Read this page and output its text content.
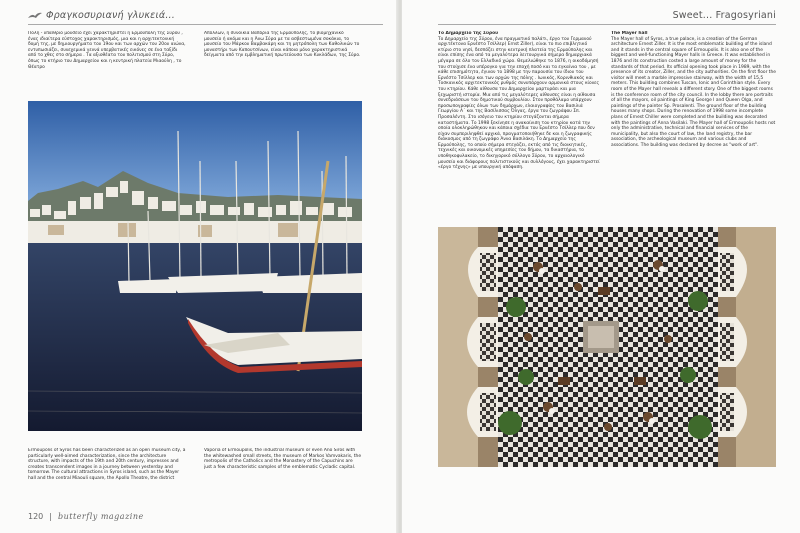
Φραγκοσυριανή γλυκειά...
Πολη - υπαίθριο μουσείο έχει χαρακτηριστεί η Ερμούπολη της Σύρου , ένας ιδιαίτερα εύστοχος χαρακτηρισμός, μια και η αρχιτεκτονική δομή της, με δημιουργήματα του 19ου και των αρχών του 20ου αιώνα, εντυπωσιάζει, συνεχεμικά γεννά υπερβατικές εικόνες σε ένα ταξίδι από το χθες στο σήμερα . Τα αξιοθέατα του πολιτισμού στη Σύρο, όπως το κτήριο του Δημαρχείου και η κεντρική πλατεία Μιαούλη , το Θέατρο
Απόλλων, η συνοικία Βαπόρια της Ερμούπολης, το βιομηχανικό μουσείο ή ακόμα και η Άνω Σύρα με τα ασβεστωμένα σοκάκια, το μουσείο του Μάρκου Βαμβακάρη και τη μητρόπολη των Καθολικών το μοναστήρι των Καπουτσίνων, είναι κάποια μόνο χαρακτηριστικά δείγματα από την εμβληματική πρωτεύουσα των Κυκλάδων, της Σύρο.
Ermoupolis of Syros has been characterized as an open museum city, a particularly well-aimed characterization, since the architecture structure, with impacts of the 19th and 20th century, impresses and creates transcendent images in a journey between yesterday and tomorrow. The cultural attractions in Syros island, such as the Mayer hall and the central Miaouli square, the Apollo Theatre, the district
Vaporia of Ermoupolis, the industrial museum or even Ano Siros with the whitewashed small streets, the museum of Markos Vamvakaris, the metropolis of the Catholics and the Monastery of the Capuchins are just a few characteristic samples of the emblematic Cycladic capital.
120 | butterfly magazine
Sweet... Fragosyriani
Το Δημαρχείο της Σύρου
Το Δημαρχείο της Σύρου, ένα πραγματικό παλάτι, έργο του Γερμανού αρχιτέκτονα Ερνέστο Τσίλλερ( Ernst Ziller), είναι το πιο επιβλητικό κτίριο στο νησί, δεσπόζει στην κεντρική πλατεία της Ερμούπολης και είναι επίσης ένα από τα μεγαλύτερα λειτουργικά σήμερα δημαρχιακά μέγαρα σε όλο τον Ελλαδικό χώρο. Θεμελιώθηκε το 1876, η οικοδόμησή του στοίχισε ένα υπέρογκο για την εποχή ποσό και τα εγκαίνια του , με κάθε επισημότητα, έγιναν το 1898 με την παρουσία του ίδιου του Ερνέστο Τσίλλερ και των αρχών της πόλης . Ιωνικός, Κορινθιακός και Τοσκανικός αρχιτεκτονικός ρυθμός συνυπάρχουν αρμονικά στους κίονες του κτηρίου. Κάθε αίθουσα του Δημαρχείου μαρτυράει και μια ξεχωριστή ιστορία. Μια από τις μεγαλύτερες αίθουσες είναι η αίθουσα συνεδριάσεων του δημοτικού συμβουλίου. Στον προθάλαμο υπάρχουν προσωπογραφίες όλων των δημάρχων, ελαιογραφίες του Βασιλιά Γεωργίου Α΄ και της Βασίλισσας Όλγας, έργα του ζωγράφου Σπ. Προσαλέντη. Στο ισόγειο του κτηρίου στεγάζονται σήμερα καταστήματα. Το 1998 ξεκίνησε η ανακαίνιση του κτηρίου κατά την οποία ολοκληρώθηκαν και κάποια σχέδια του Ερνέστο Τσίλλερ που δεν είχαν συμπεριληφθεί αρχικά, πραγματοποιήθηκε δε και η ζωγραφικής διάκοσμος από τη ζωγράφο Άννα Βασιλάκη. Το Δημαρχείο της Ερμούπολης, το οποίο σήμερα στεγάζει, εκτός από τις διοικητικές, τεχνικές και οικονομικές υπηρεσίες του δήμου, τα δικαστήρια, το υποθηκοφυλακείο, το δικηγορικό σύλλογο Σύρου, το αρχαιολογικό μουσείο και διάφορους πολιτιστικούς και συλλόγους, έχει χαρακτηριστεί «έργο τέχνης» με υπουργική απόφαση.
The Mayer hall
The Mayer hall of Syros, a true palace, is a creation of the German architecture Ernest Ziller. It is the most emblematic building of the island and it stands in the central square of Ermoupolis. It is also one of the biggest and well-functioning Mayer halls in Greece. It was established in 1876 and its construction costed a large amount of money for the standards of that period. Its official opening took place in 1989, with the presence of its creator, Ziller, and the city authorities. On the first floor the visitor will meet a marble impressive stairway, with the width of 15,5 meters. This building combines Tuscan, Ionic and Corinthian style. Every room of the Mayer hall reveals a different story. One of the biggest rooms is the conference room of the city council. In the lobby there are portraits of all the mayors, oil paintings of King George I and Queen Olga, and paintings of the painter Sp. Prosalenti. The ground floor of the building houses many shops. During the renovation of 1998 some incomplete plans of Ernest Chiller were completed and the building was decorated with the paintings of Anna Vasilaki. The Mayer hall of Ermoupolis hosts not only the administrative, technical and financial services of the municipality, but also the court of law, the land registry, the bar association, the archeological museum and various clubs and associations. The building was declared by decree as "work of art".
